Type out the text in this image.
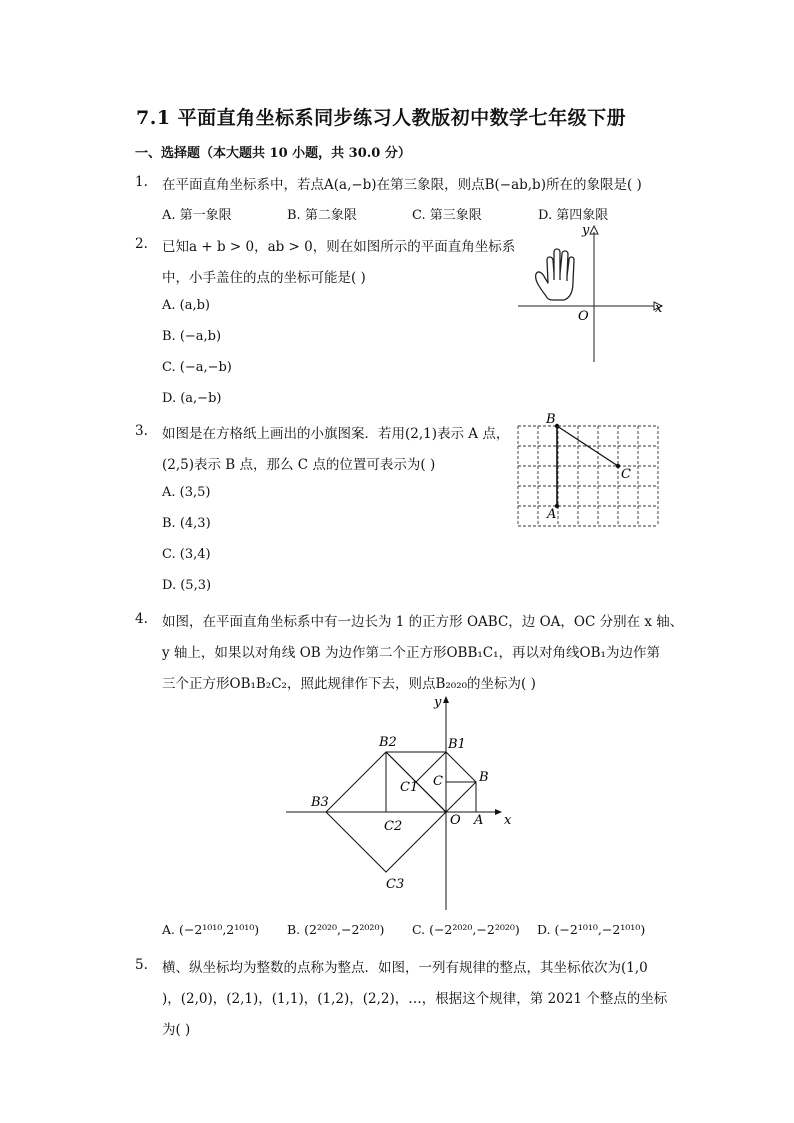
7.1 平面直角坐标系同步练习人教版初中数学七年级下册
一、选择题（本大题共 10 小题，共 30.0 分）
1. 在平面直角坐标系中，若点A(a,−b)在第三象限，则点B(−ab,b)所在的象限是( )
A. 第一象限	B. 第二象限	C. 第三象限	D. 第四象限
2. 已知a + b > 0，ab > 0，则在如图所示的平面直角坐标系
中，小手盖住的点的坐标可能是( )
A. (a,b)
B. (−a,b)
C. (−a,−b)
D. (a,−b)
x
y
O
3. 如图是在方格纸上画出的小旗图案．若用(2,1)表示 A 点，
(2,5)表示 B 点，那么 C 点的位置可表示为( )
A. (3,5)
B. (4,3)
C. (3,4)
D. (5,3)
B
C
A
4. 如图，在平面直角坐标系中有一边长为 1 的正方形 OABC，边 OA，OC 分别在 x 轴、
y 轴上，如果以对角线 OB 为边作第二个正方形OBB₁C₁，再以对角线OB₁为边作第
三个正方形OB₁B₂C₂，照此规律作下去，则点B₂₀₂₀的坐标为( )
y
x
O A
B
C
B1
C1
B2
C2
B3
C3
A. (−2¹⁰¹⁰,2¹⁰¹⁰) B. (2²⁰²⁰,−2²⁰²⁰) C. (−2²⁰²⁰,−2²⁰²⁰) D. (−2¹⁰¹⁰,−2¹⁰¹⁰)
5. 横、纵坐标均为整数的点称为整点．如图，一列有规律的整点，其坐标依次为(1,0
)，(2,0)，(2,1)，(1,1)，(1,2)，(2,2)，…，根据这个规律，第 2021 个整点的坐标
为( )
